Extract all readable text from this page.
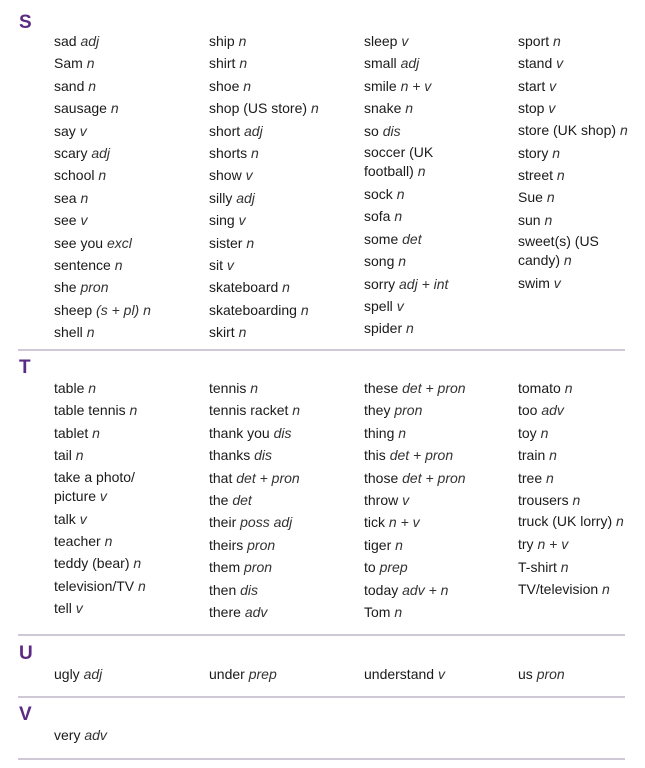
S
sad adj
Sam n
sand n
sausage n
say v
scary adj
school n
sea n
see v
see you excl
sentence n
she pron
sheep (s + pl) n
shell n
ship n
shirt n
shoe n
shop (US store) n
short adj
shorts n
show v
silly adj
sing v
sister n
sit v
skateboard n
skateboarding n
skirt n
sleep v
small adj
smile n + v
snake n
so dis
soccer (UK football) n
sock n
sofa n
some det
song n
sorry adj + int
spell v
spider n
sport n
stand v
start v
stop v
store (UK shop) n
story n
street n
Sue n
sun n
sweet(s) (US candy) n
swim v
T
table n
table tennis n
tablet n
tail n
take a photo/ picture v
talk v
teacher n
teddy (bear) n
television/TV n
tell v
tennis n
tennis racket n
thank you dis
thanks dis
that det + pron
the det
their poss adj
theirs pron
them pron
then dis
there adv
these det + pron
they pron
thing n
this det + pron
those det + pron
throw v
tick n + v
tiger n
to prep
today adv + n
Tom n
tomato n
too adv
toy n
train n
tree n
trousers n
truck (UK lorry) n
try n + v
T-shirt n
TV/television n
U
ugly adj	under prep	understand v	us pron
V
very adv
